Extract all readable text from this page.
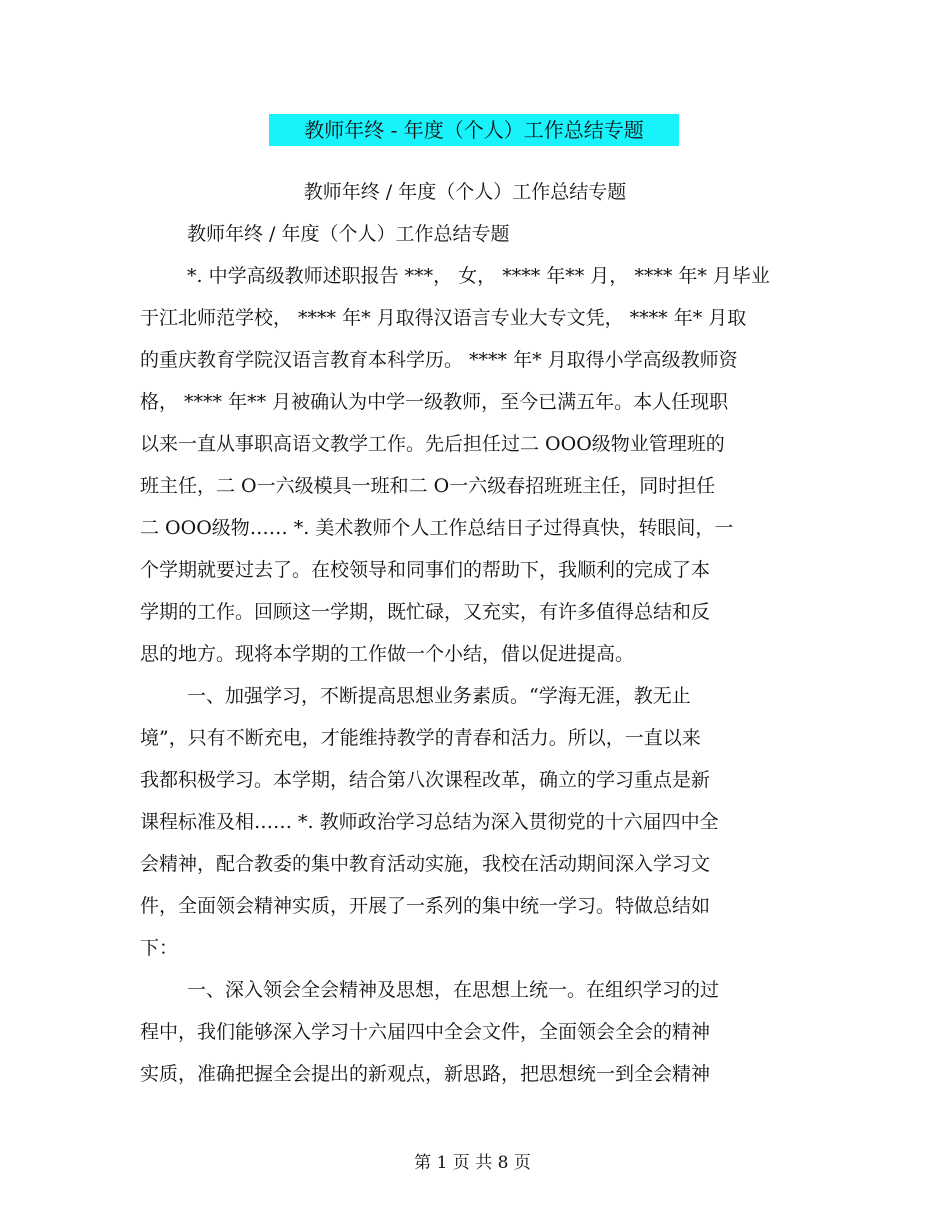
教师年终 - 年度（个人）工作总结专题
教师年终 / 年度（个人）工作总结专题
教师年终 / 年度（个人）工作总结专题
*. 中学高级教师述职报告 ***， 女， **** 年** 月， **** 年* 月毕业
于江北师范学校， **** 年* 月取得汉语言专业大专文凭， **** 年* 月取
的重庆教育学院汉语言教育本科学历。 **** 年* 月取得小学高级教师资
格， **** 年** 月被确认为中学一级教师，至今已满五年。本人任现职
以来一直从事职高语文教学工作。先后担任过二 OOO级物业管理班的
班主任，二 O一六级模具一班和二 O一六级春招班班主任，同时担任
二 OOO级物…… *. 美术教师个人工作总结日子过得真快，转眼间，一
个学期就要过去了。在校领导和同事们的帮助下，我顺利的完成了本
学期的工作。回顾这一学期，既忙碌，又充实，有许多值得总结和反
思的地方。现将本学期的工作做一个小结，借以促进提高。
一、加强学习，不断提高思想业务素质。“学海无涯，教无止
境”，只有不断充电，才能维持教学的青春和活力。所以，一直以来
我都积极学习。本学期，结合第八次课程改革，确立的学习重点是新
课程标准及相…… *. 教师政治学习总结为深入贯彻党的十六届四中全
会精神，配合教委的集中教育活动实施，我校在活动期间深入学习文
件，全面领会精神实质，开展了一系列的集中统一学习。特做总结如
下：
一、深入领会全会精神及思想，在思想上统一。在组织学习的过
程中，我们能够深入学习十六届四中全会文件，全面领会全会的精神
实质，准确把握全会提出的新观点，新思路，把思想统一到全会精神
第 1 页 共 8 页
